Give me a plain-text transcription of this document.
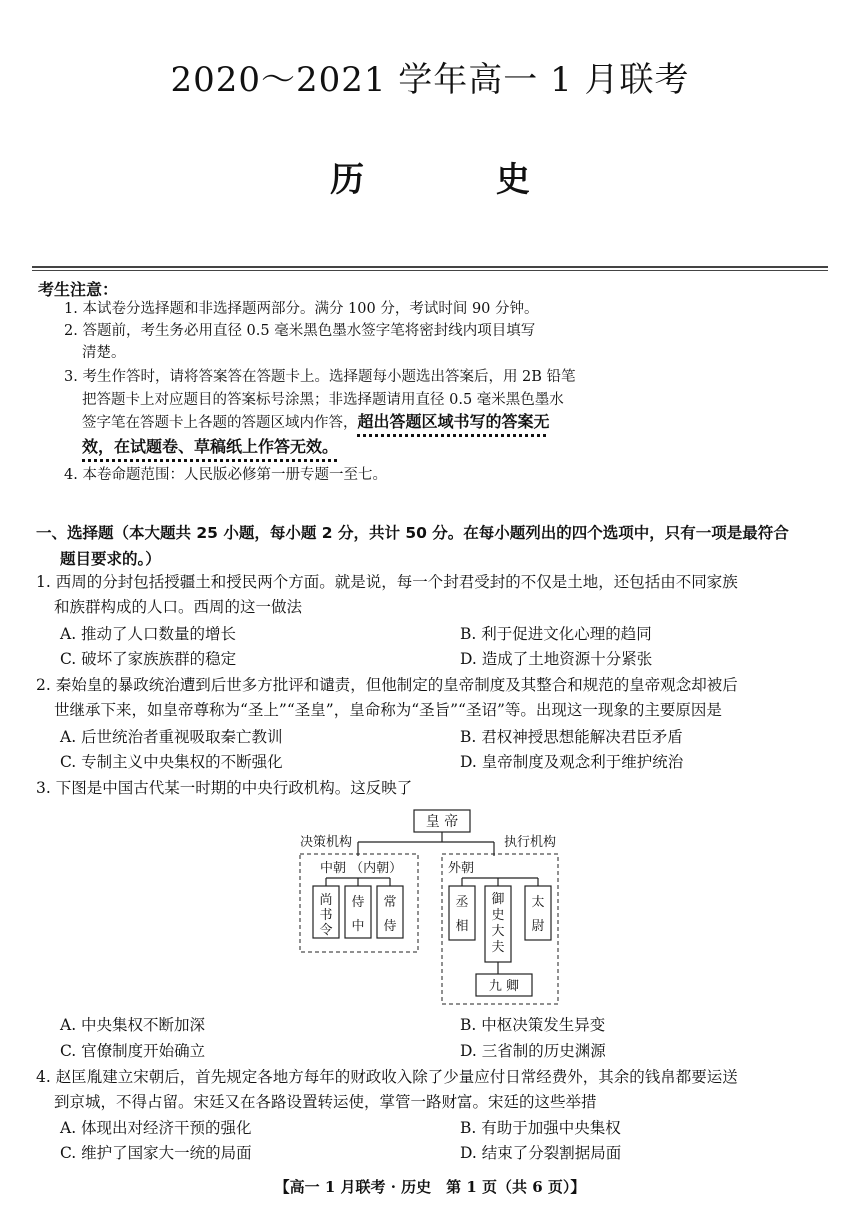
2020～2021 学年高一 1 月联考
历 史
考生注意：
1. 本试卷分选择题和非选择题两部分。满分 100 分，考试时间 90 分钟。
2. 答题前，考生务必用直径 0.5 毫米黑色墨水签字笔将密封线内项目填写
清楚。
3. 考生作答时，请将答案答在答题卡上。选择题每小题选出答案后，用 2B 铅笔
把答题卡上对应题目的答案标号涂黑；非选择题请用直径 0.5 毫米黑色墨水
签字笔在答题卡上各题的答题区域内作答，超出答题区域书写的答案无
效，在试题卷、草稿纸上作答无效。
4. 本卷命题范围：人民版必修第一册专题一至七。
一、选择题（本大题共 25 小题，每小题 2 分，共计 50 分。在每小题列出的四个选项中，只有一项是最符合
题目要求的。）
1. 西周的分封包括授疆土和授民两个方面。就是说，每一个封君受封的不仅是土地，还包括由不同家族
和族群构成的人口。西周的这一做法
A. 推动了人口数量的增长	B. 利于促进文化心理的趋同
C. 破坏了家族族群的稳定	D. 造成了土地资源十分紧张
2. 秦始皇的暴政统治遭到后世多方批评和谴责，但他制定的皇帝制度及其整合和规范的皇帝观念却被后
世继承下来，如皇帝尊称为“圣上”“圣皇”，皇命称为“圣旨”“圣诏”等。出现这一现象的主要原因是
A. 后世统治者重视吸取秦亡教训	B. 君权神授思想能解决君臣矛盾
C. 专制主义中央集权的不断强化	D. 皇帝制度及观念利于维护统治
3. 下图是中国古代某一时期的中央行政机构。这反映了
皇 帝
决策机构	执行机构
中朝 （内朝）
尚
书
令
侍
中
常
侍
外朝
丞
相
御
史
大
夫
太
尉
九 卿
A. 中央集权不断加深	B. 中枢决策发生异变
C. 官僚制度开始确立	D. 三省制的历史渊源
4. 赵匡胤建立宋朝后，首先规定各地方每年的财政收入除了少量应付日常经费外，其余的钱帛都要运送
到京城，不得占留。宋廷又在各路设置转运使，掌管一路财富。宋廷的这些举措
A. 体现出对经济干预的强化	B. 有助于加强中央集权
C. 维护了国家大一统的局面	D. 结束了分裂割据局面
【高一 1 月联考 · 历史　第 1 页（共 6 页）】
